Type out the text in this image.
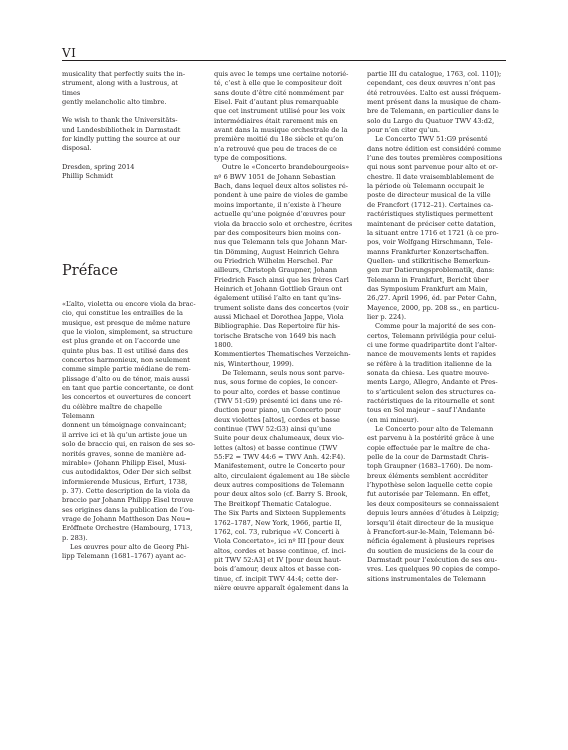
VI

musicality that perfectly suits the in-

strument, along with a lustrous, at times

gently melancholic alto timbre.

We wish to thank the Universitäts-

und Landesbibliothek in Darmstadt

for kindly putting the source at our

disposal.

Dresden, spring 2014

Phillip Schmidt

Préface

«L’alto, violetta ou encore viola da brac-

cio, qui constitue les entrailles de la

musique, est presque de même nature

que le violon, simplement, sa structure

est plus grande et on l’accorde une

quinte plus bas. Il est utilisé dans des

concertos harmonieux, non seulement

comme simple partie médiane de rem-

plissage d’alto ou de ténor, mais aussi

en tant que partie concertante, ce dont

les concertos et ouvertures de concert

du célèbre maître de chapelle Telemann

donnent un témoignage convaincant;

il arrive ici et là qu’un artiste joue un

solo de braccio qui, en raison de ses so-

norités graves, sonne de manière ad-

mirable» (Johann Philipp Eisel, Musi-

cus autodidaktos, Oder Der sich selbst

informierende Musicus, Erfurt, 1738,

p. 37). Cette description de la viola da

braccio par Johann Philipp Eisel trouve

ses origines dans la publication de l’ou-

vrage de Johann Mattheson Das Neu=

Eröffnete Orchestre (Hambourg, 1713,

p. 283).

Les œuvres pour alto de Georg Phi-

lipp Telemann (1681–1767) ayant ac-

quis avec le temps une certaine notorié-

té, c’est à elle que le compositeur doit

sans doute d’être cité nommément par

Eisel. Fait d’autant plus remarquable

que cet instrument utilisé pour les voix

intermédiaires était rarement mis en

avant dans la musique orchestrale de la

première moitié du 18e siècle et qu’on

n’a retrouvé que peu de traces de ce

type de compositions.

Outre le «Concerto brandebourgeois»

nº 6 BWV 1051 de Johann Sebastian

Bach, dans lequel deux altos solistes ré-

pondent à une paire de violes de gambe

moins importante, il n’existe à l’heure

actuelle qu’une poignée d’œuvres pour

viola da braccio solo et orchestre, écrites

par des compositeurs bien moins con-

nus que Telemann tels que Johann Mar-

tin Dömming, August Heinrich Gehra

ou Friedrich Wilhelm Herschel. Par

ailleurs, Christoph Graupner, Johann

Friedrich Fasch ainsi que les frères Carl

Heinrich et Johann Gottlieb Graun ont

également utilisé l’alto en tant qu’ins-

trument soliste dans des concertos (voir

aussi Michael et Dorothea Jappe, Viola

Bibliographie. Das Repertoire für his-

torische Bratsche von 1649 bis nach 1800.

Kommentiertes Thematisches Verzeichn-

nis, Winterthour, 1999).

De Telemann, seuls nous sont parve-

nus, sous forme de copies, le concer-

to pour alto, cordes et basse continue

(TWV 51:G9) présenté ici dans une ré-

duction pour piano, un Concerto pour

deux violettes [altos], cordes et basse

continue (TWV 52:G3) ainsi qu’une

Suite pour deux chalumeaux, deux vio-

lettes (altos) et basse continue (TWV

55:F2 = TWV 44:6 = TWV Anh. 42:F4).

Manifestement, outre le Concerto pour

alto, circulaient également au 18e siècle

deux autres compositions de Telemann

pour deux altos solo (cf. Barry S. Brook,

The Breitkopf Thematic Catalogue.

The Six Parts and Sixteen Supplements

1762–1787, New York, 1966, partie II,

1762, col. 73, rubrique «V. Concerti à

Viola Concertato», ici nº III [pour deux

altos, cordes et basse continue, cf. inci-

pit TWV 52:A3] et IV [pour deux haut-

bois d’amour, deux altos et basse con-

tinue, cf. incipit TWV 44:4; cette der-

nière œuvre apparaît également dans la

partie III du catalogue, 1763, col. 110]);

cependant, ces deux œuvres n’ont pas

été retrouvées. L’alto est aussi fréquem-

ment présent dans la musique de cham-

bre de Telemann, en particulier dans le

solo du Largo du Quatuor TWV 43:d2,

pour n’en citer qu’un.

Le Concerto TWV 51:G9 présenté

dans notre édition est considéré comme

l’une des toutes premières compositions

qui nous sont parvenue pour alto et or-

chestre. Il date vraisemblablement de

la période où Telemann occupait le

poste de directeur musical de la ville

de Francfort (1712–21). Certaines ca-

ractéristiques stylistiques permettent

maintenant de préciser cette datation,

la situant entre 1716 et 1721 (à ce pro-

pos, voir Wolfgang Hirschmann, Tele-

manns Frankfurter Konzertschaffen.

Quellen- und stilkritische Bemerkun-

gen zur Datierungsproblematik, dans:

Telemann in Frankfurt, Bericht über

das Symposium Frankfurt am Main,

26./27. April 1996, éd. par Peter Cahn,

Mayence, 2000, pp. 208 ss., en particu-

lier p. 224).

Comme pour la majorité de ses con-

certos, Telemann privilégia pour celui-

ci une forme quadripartite dont l’alter-

nance de mouvements lents et rapides

se réfère à la tradition italienne de la

sonata da chiesa. Les quatre mouve-

ments Largo, Allegro, Andante et Pres-

to s’articulent selon des structures ca-

ractéristiques de la ritournelle et sont

tous en Sol majeur – sauf l’Andante

(en mi mineur).

Le Concerto pour alto de Telemann

est parvenu à la postérité grâce à une

copie effectuée par le maître de cha-

pelle de la cour de Darmstadt Chris-

toph Graupner (1683–1760). De nom-

breux éléments semblent accréditer

l’hypothèse selon laquelle cette copie

fut autorisée par Telemann. En effet,

les deux compositeurs se connaissaient

depuis leurs années d’études à Leipzig;

lorsqu’il était directeur de la musique

à Francfort-sur-le-Main, Telemann bé-

néficia également à plusieurs reprises

du soutien de musiciens de la cour de

Darmstadt pour l’exécution de ses œu-

vres. Les quelques 90 copies de compo-

sitions instrumentales de Telemann
